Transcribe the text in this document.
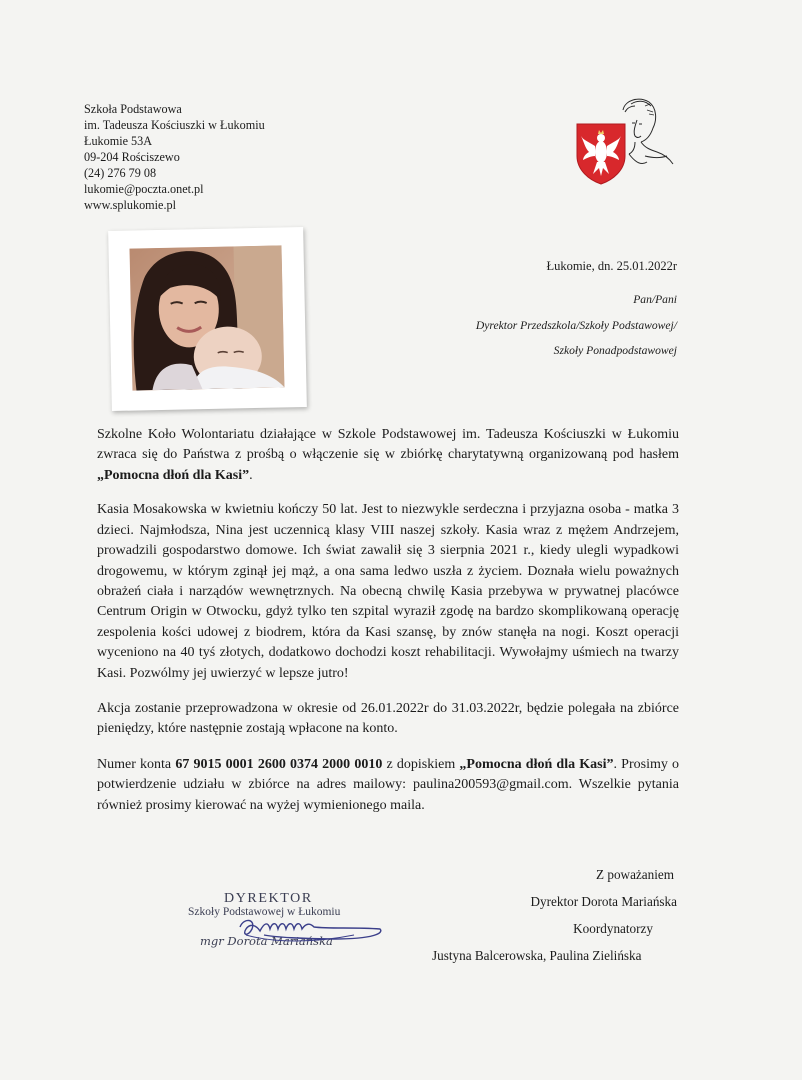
Szkoła Podstawowa
im. Tadeusza Kościuszki w Łukomiu
Łukomie 53A
09-204 Rościszewo
(24) 276 79 08
lukomie@poczta.onet.pl
www.splukomie.pl
Łukomie, dn. 25.01.2022r
Pan/Pani
Dyrektor Przedszkola/Szkoły Podstawowej/
Szkoły Ponadpodstawowej

Szkolne Koło Wolontariatu działające w Szkole Podstawowej im. Tadeusza Kościuszki w Łukomiu zwraca się do Państwa z prośbą o włączenie się w zbiórkę charytatywną organizowaną pod hasłem „Pomocna dłoń dla Kasi”.

Kasia Mosakowska w kwietniu kończy 50 lat. Jest to niezwykle serdeczna i przyjazna osoba - matka 3 dzieci. Najmłodsza, Nina jest uczennicą klasy VIII naszej szkoły. Kasia wraz z mężem Andrzejem, prowadzili gospodarstwo domowe. Ich świat zawalił się 3 sierpnia 2021 r., kiedy ulegli wypadkowi drogowemu, w którym zginął jej mąż, a ona sama ledwo uszła z życiem. Doznała wielu poważnych obrażeń ciała i narządów wewnętrznych. Na obecną chwilę Kasia przebywa w prywatnej placówce Centrum Origin w Otwocku, gdyż tylko ten szpital wyraził zgodę na bardzo skomplikowaną operację zespolenia kości udowej z biodrem, która da Kasi szansę, by znów stanęła na nogi. Koszt operacji wyceniono na 40 tyś złotych, dodatkowo dochodzi koszt rehabilitacji. Wywołajmy uśmiech na twarzy Kasi. Pozwólmy jej uwierzyć w lepsze jutro!

Akcja zostanie przeprowadzona w okresie od 26.01.2022r do 31.03.2022r, będzie polegała na zbiórce pieniędzy, które następnie zostają wpłacone na konto.

Numer konta 67 9015 0001 2600 0374 2000 0010 z dopiskiem „Pomocna dłoń dla Kasi”. Prosimy o potwierdzenie udziału w zbiórce na adres mailowy: paulina200593@gmail.com. Wszelkie pytania również prosimy kierować na wyżej wymienionego maila.

DYREKTOR
Szkoły Podstawowej w Łukomiu
mgr Dorota Mariańska
Z poważaniem
Dyrektor Dorota Mariańska
Koordynatorzy
Justyna Balcerowska, Paulina Zielińska
